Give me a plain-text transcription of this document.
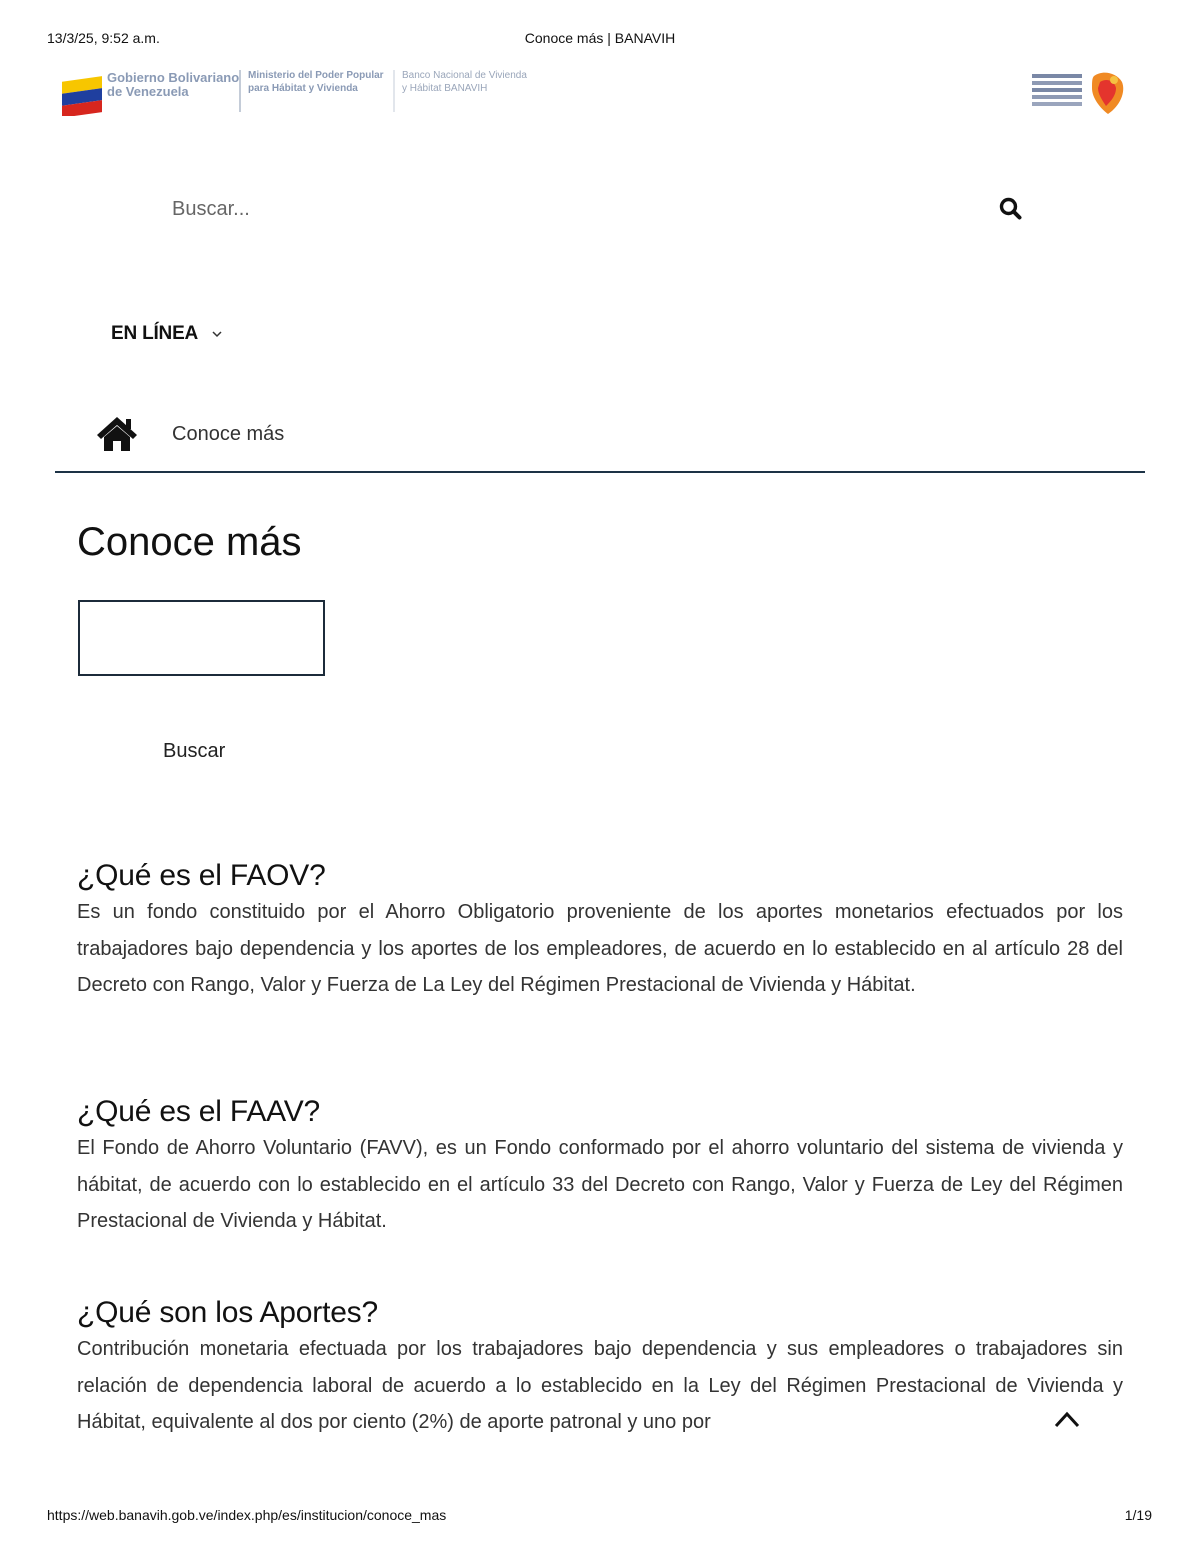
Conoce más | BANAVIH
13/3/25, 9:52 a.m.
Gobierno Bolivariano
de Venezuela
Ministerio del Poder Popular
para Hábitat y Vivienda
Banco Nacional de Vivienda
y Hábitat BANAVIH
Buscar...
EN LÍNEA
Conoce más
Conoce más
Buscar
¿Qué es el FAOV?

Es un fondo constituido por el Ahorro Obligatorio proveniente de los aportes monetarios efectuados por los trabajadores bajo dependencia y los aportes de los empleadores, de acuerdo en lo establecido en al artículo 28 del Decreto con Rango, Valor y Fuerza de La Ley del Régimen Prestacional de Vivienda y Hábitat.

¿Qué es el FAAV?

El Fondo de Ahorro Voluntario (FAVV), es un Fondo conformado por el ahorro voluntario del sistema de vivienda y hábitat, de acuerdo con lo establecido en el artículo 33 del Decreto con Rango, Valor y Fuerza de Ley del Régimen Prestacional de Vivienda y Hábitat.

¿Qué son los Aportes?

Contribución monetaria efectuada por los trabajadores bajo dependencia y sus empleadores o trabajadores sin relación de dependencia laboral de acuerdo a lo establecido en la Ley del Régimen Prestacional de Vivienda y Hábitat, equivalente al dos por ciento (2%) de aporte patronal y uno por

https://web.banavih.gob.ve/index.php/es/institucion/conoce_mas	1/19
